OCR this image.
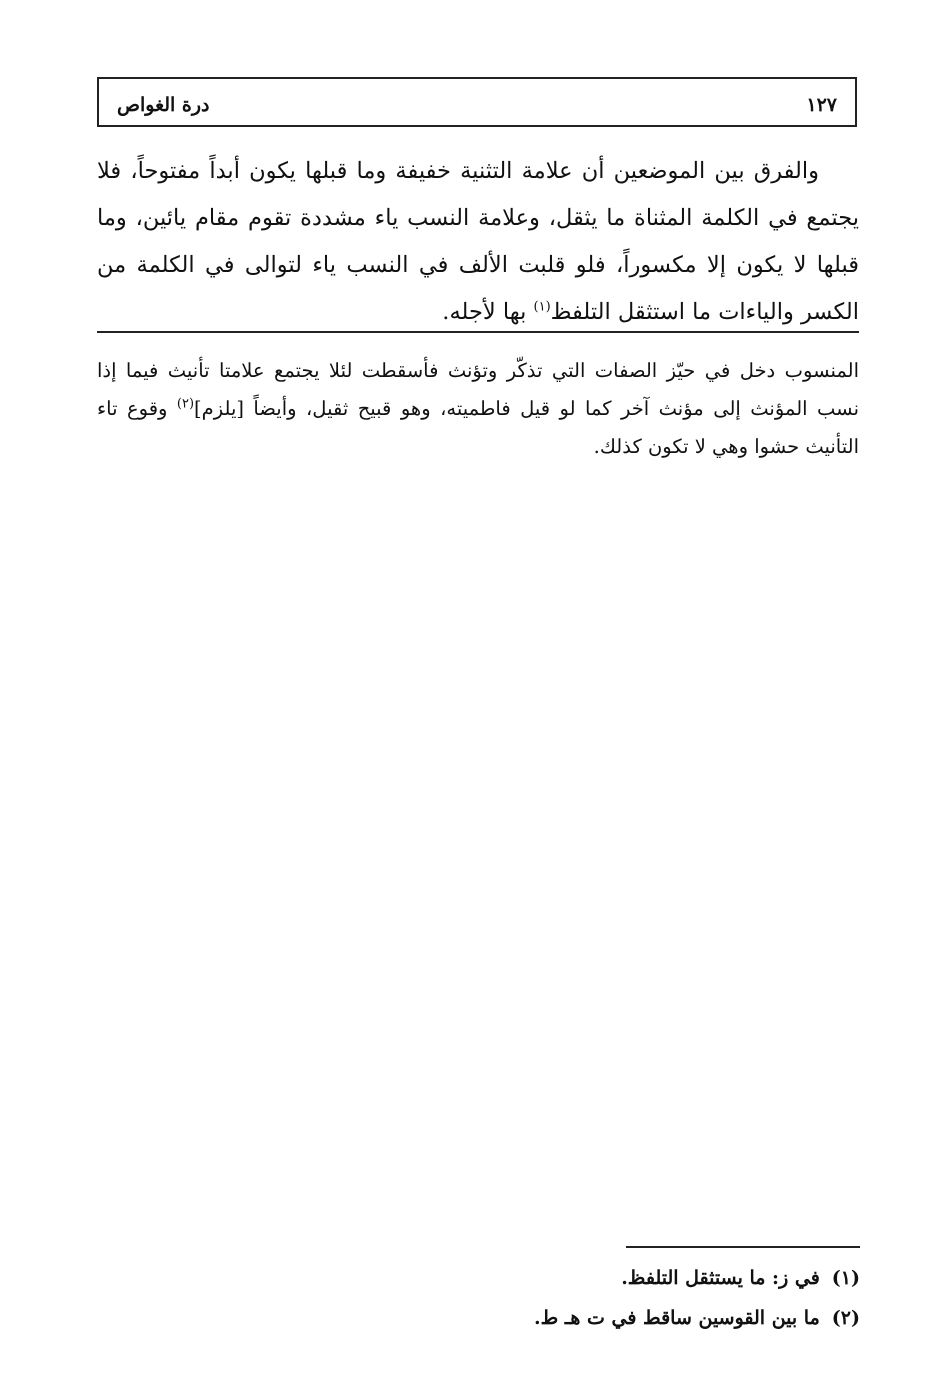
درة الغواص	١٢٧

والفرق بين الموضعين أن علامة التثنية خفيفة وما قبلها يكون أبداً مفتوحاً، فلا يجتمع في الكلمة المثناة ما يثقل، وعلامة النسب ياء مشددة تقوم مقام يائين، وما قبلها لا يكون إلا مكسوراً، فلو قلبت الألف في النسب ياء لتوالى في الكلمة من الكسر والياءات ما استثقل التلفظ$^{(١)}$ بها لأجله.

المنسوب دخل في حيّز الصفات التي تذكّر وتؤنث فأسقطت لئلا يجتمع علامتا تأنيث فيما إذا نسب المؤنث إلى مؤنث آخر كما لو قيل فاطميته، وهو قبيح ثقيل، وأيضاً [يلزم]$^{(٢)}$ وقوع تاء التأنيث حشوا وهي لا تكون كذلك.

(١)
في ز: ما يستثقل التلفظ.
(٢)
ما بين القوسين ساقط في ت هـ ط.
